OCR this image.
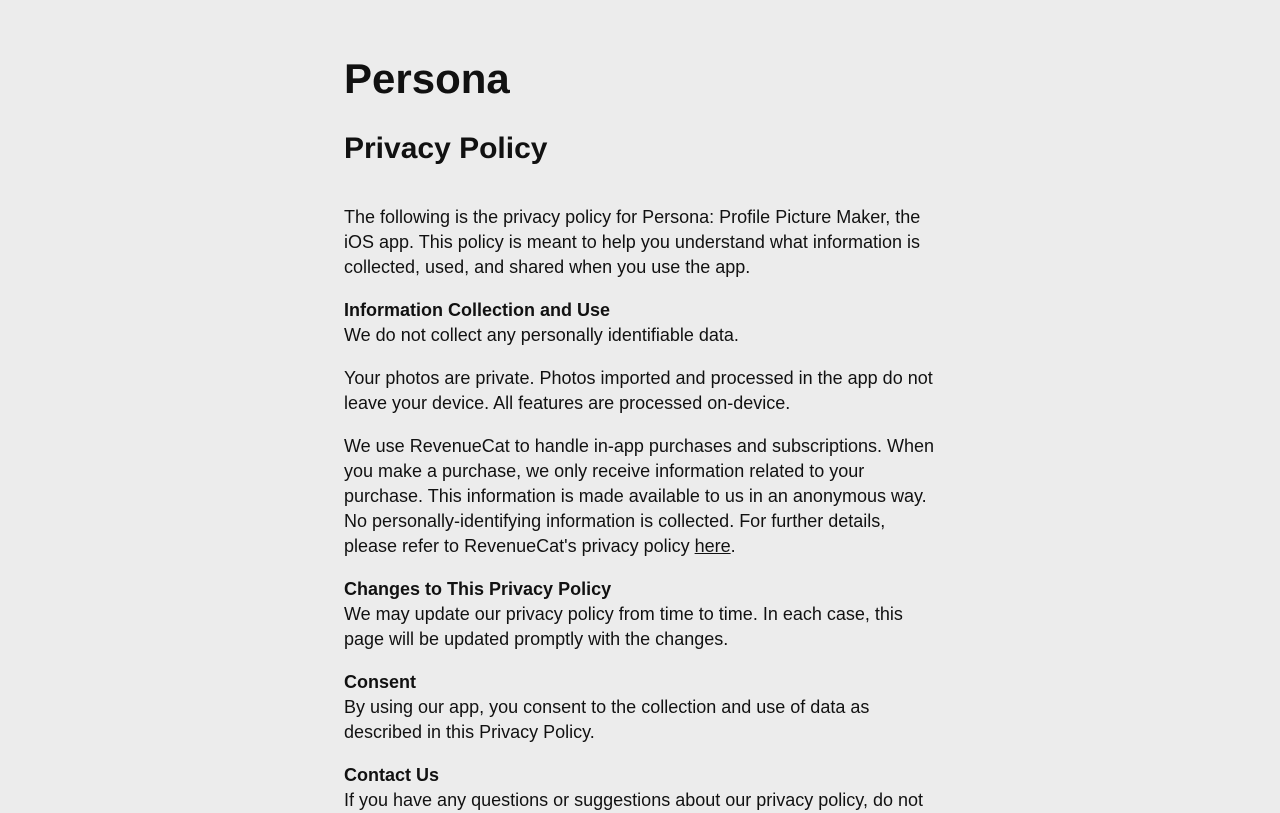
Persona
Privacy Policy

The following is the privacy policy for Persona: Profile Picture Maker, the iOS app. This policy is meant to help you understand what information is collected, used, and shared when you use the app.

Information Collection and Use
We do not collect any personally identifiable data.

Your photos are private. Photos imported and processed in the app do not leave your device. All features are processed on-device.

We use RevenueCat to handle in-app purchases and subscriptions. When you make a purchase, we only receive information related to your purchase. This information is made available to us in an anonymous way. No personally-identifying information is collected. For further details, please refer to RevenueCat's privacy policy here.

Changes to This Privacy Policy
We may update our privacy policy from time to time. In each case, this page will be updated promptly with the changes.

Consent
By using our app, you consent to the collection and use of data as described in this Privacy Policy.

Contact Us
If you have any questions or suggestions about our privacy policy, do not
